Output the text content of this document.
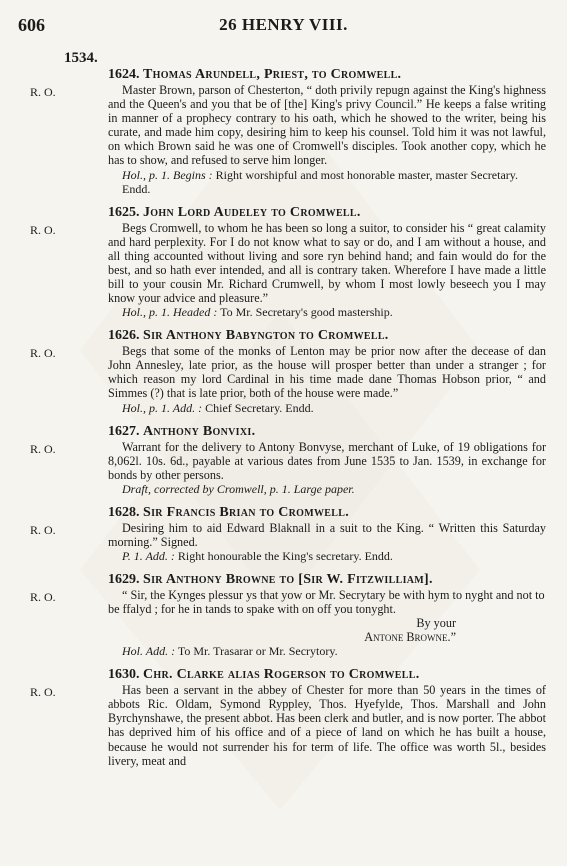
606	26 HENRY VIII.
1534.
R. O.
1624. Thomas Arundell, Priest, to Cromwell.
Master Brown, parson of Chesterton, “ doth privily repugn against the King's highness and the Queen's and you that be of [the] King's privy Council.” He keeps a false writing in manner of a prophecy contrary to his oath, which he showed to the writer, being his curate, and made him copy, desiring him to keep his counsel. Told him it was not lawful, on which Brown said he was one of Cromwell's disciples. Took another copy, which he has to show, and refused to serve him longer.
Hol., p. 1. Begins : Right worshipful and most honorable master, master Secretary. Endd.
R. O.
1625. John Lord Audeley to Cromwell.
Begs Cromwell, to whom he has been so long a suitor, to consider his “ great calamity and hard perplexity. For I do not know what to say or do, and I am without a house, and all thing accounted without living and sore ryn behind hand; and fain would do for the best, and so hath ever intended, and all is contrary taken. Wherefore I have made a little bill to your cousin Mr. Richard Crumwell, by whom I most lowly beseech you I may know your advice and pleasure.”
Hol., p. 1. Headed : To Mr. Secretary's good mastership.
R. O.
1626. Sir Anthony Babyngton to Cromwell.
Begs that some of the monks of Lenton may be prior now after the decease of dan John Annesley, late prior, as the house will prosper better than under a stranger ; for which reason my lord Cardinal in his time made dane Thomas Hobson prior, “ and Simmes (?) that is late prior, both of the house were made.”
Hol., p. 1. Add. : Chief Secretary. Endd.
R. O.
1627. Anthony Bonvixi.
Warrant for the delivery to Antony Bonvyse, merchant of Luke, of 19 obligations for 8,062l. 10s. 6d., payable at various dates from June 1535 to Jan. 1539, in exchange for bonds by other persons.
Draft, corrected by Cromwell, p. 1. Large paper.
R. O.
1628. Sir Francis Brian to Cromwell.
Desiring him to aid Edward Blaknall in a suit to the King. “ Written this Saturday morning.” Signed.
P. 1. Add. : Right honourable the King's secretary. Endd.
R. O.
1629. Sir Anthony Browne to [Sir W. Fitzwilliam].
“ Sir, the Kynges plessur ys that yow or Mr. Secrytary be with hym to nyght and not to be ffalyd ; for he in tands to spake with on off you tonyght.
By your
Antone Browne.”
Hol. Add. : To Mr. Trasarar or Mr. Secrytory.
R. O.
1630. Chr. Clarke alias Rogerson to Cromwell.
Has been a servant in the abbey of Chester for more than 50 years in the times of abbots Ric. Oldam, Symond Ryppley, Thos. Hyefylde, Thos. Marshall and John Byrchynshawe, the present abbot. Has been clerk and butler, and is now porter. The abbot has deprived him of his office and of a piece of land on which he has built a house, because he would not surrender his for term of life. The office was worth 5l., besides livery, meat and
